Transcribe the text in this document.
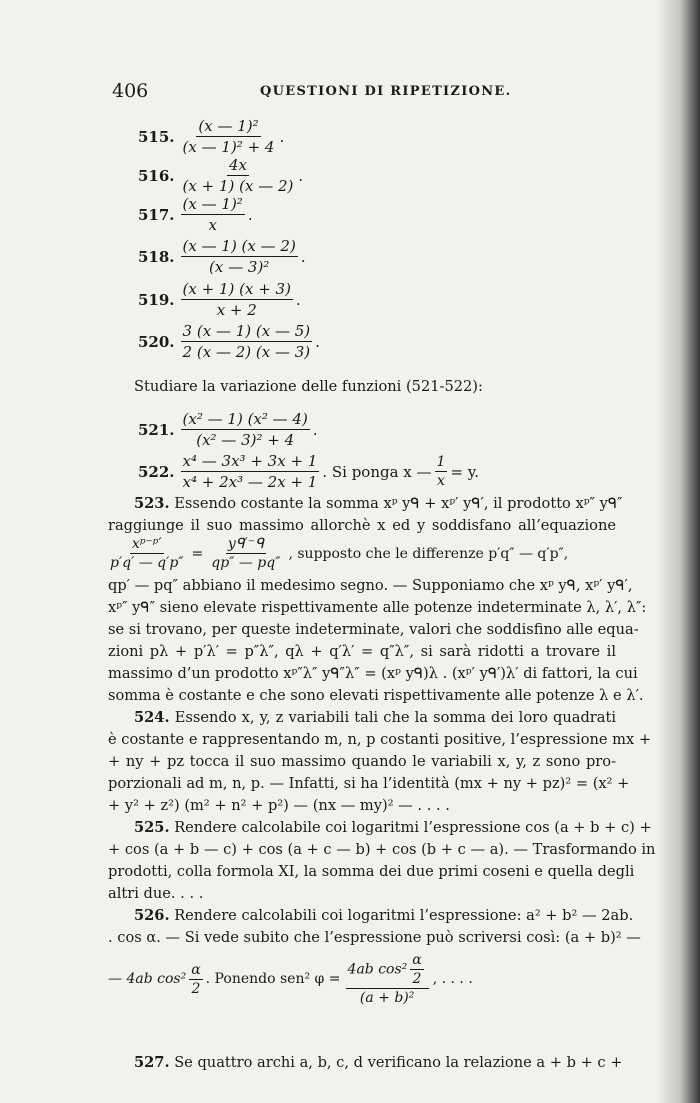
406	QUESTIONI DI RIPETIZIONE.
515. $\frac{\text{(x — 1)²}}{\text{(x — 1)² + 4}}$ .
516. $\frac{4x}{(x + 1) (x — 2)}$ .
517. $\frac{\text{(x — 1)²}}{x}$ .
518. $\frac{(x — 1) (x — 2)}{\text{(x — 3)²}}$ .
519. $\frac{(x + 1) (x + 3)}{x + 2}$ .
520. $\frac{3 (x — 1) (x — 5)}{2 (x — 2) (x — 3)}$ .
Studiare la variazione delle funzioni (521-522):
521. $\frac{\text{(x² — 1) (x² — 4)}}{\text{(x² — 3)² + 4}}$ .
522. $\frac{\text{x⁴ — 3x³ + 3x + 1}}{\text{x⁴ + 2x³ — 2x + 1}}$ . Si ponga x — $\frac{1}{x} = y$.
523. Essendo costante la somma xᵖ yᑫ + xᵖ′ yᑫ′, il prodotto xᵖ″ yᑫ″
raggiunge il suo massimo allorchè x ed y soddisfano all’equazione
$\frac{\text{xᵖ⁻ᵖ′}}{p'q' — q'p''} = \frac{\text{yᑫ′⁻ᑫ}}{qp'' — pq''}$ , supposto che le differenze p′q″ — q′p″,
qp′ — pq″ abbiano il medesimo segno. — Supponiamo che xᵖ yᑫ, xᵖ′ yᑫ′,
xᵖ″ yᑫ″ sieno elevate rispettivamente alle potenze indeterminate λ, λ′, λ″:
se si trovano, per queste indeterminate, valori che soddisfino alle equa-
zioni pλ + p′λ′ = p″λ″, qλ + q′λ′ = q″λ″, si sarà ridotti a trovare il
massimo d’un prodotto xᵖ″λ″ yᑫ″λ″ = (xᵖ yᑫ)λ . (xᵖ′ yᑫ′)λ′ di fattori, la cui
somma è costante e che sono elevati rispettivamente alle potenze λ e λ′.
524. Essendo x, y, z variabili tali che la somma dei loro quadrati
è costante e rappresentando m, n, p costanti positive, l’espressione mx +
+ ny + pz tocca il suo massimo quando le variabili x, y, z sono pro-
porzionali ad m, n, p. — Infatti, si ha l’identità (mx + ny + pz)² = (x² +
+ y² + z²) (m² + n² + p²) — (nx — my)² — . . . .
525. Rendere calcolabile coi logaritmi l’espressione cos (a + b + c) +
+ cos (a + b — c) + cos (a + c — b) + cos (b + c — a). — Trasformando in
prodotti, colla formola XI, la somma dei due primi coseni e quella degli
altri due. . . .
526. Rendere calcolabili coi logaritmi l’espressione: a² + b² — 2ab.
. cos α. — Si vede subito che l’espressione può scriversi così: (a + b)² —
— 4ab $\cos^2 \frac{\alpha}{2}$ . Ponendo sen² $\varphi = \frac{4ab \cos^2 \frac{\alpha}{2}}{\text{(a + b)²}}$ , . . . .
527. Se quattro archi a, b, c, d verificano la relazione a + b + c +
